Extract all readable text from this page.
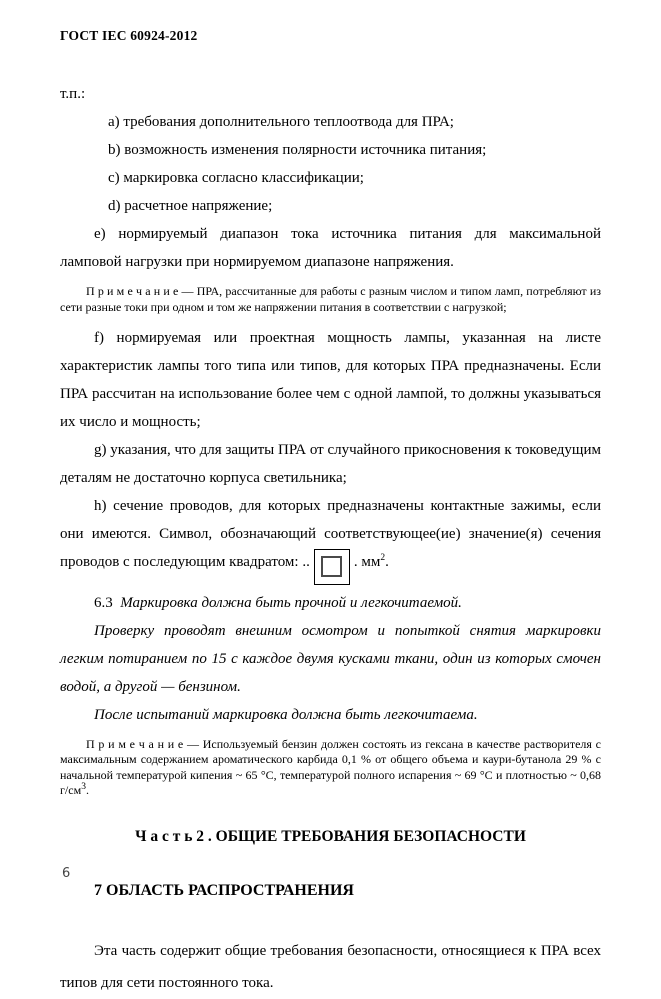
ГОСТ IEC 60924-2012

т.п.:

a) требования дополнительного теплоотвода для ПРА;

b) возможность изменения полярности источника питания;

c) маркировка согласно классификации;

d) расчетное напряжение;

e) нормируемый диапазон тока источника питания для максимальной ламповой нагрузки при нормируемом диапазоне напряжения.

П р и м е ч а н и е — ПРА, рассчитанные для работы с разным числом и типом ламп, потребляют из сети разные токи при одном и том же напряжении питания в соответствии с нагрузкой;

f) нормируемая или проектная мощность лампы, указанная на листе характеристик лампы того типа или типов, для которых ПРА предназначены. Если ПРА рассчитан на использование более чем с одной лампой, то должны указываться их число и мощность;

g) указания, что для защиты ПРА от случайного прикосновения к токоведущим деталям не достаточно корпуса светильника;

h) сечение проводов, для которых предназначены контактные зажимы, если они имеются. Символ, обозначающий соответствующее(ие) значение(я) сечения проводов с последующим квадратом: ..	. $мм^2$.

6.3 Маркировка должна быть прочной и легкочитаемой.

Проверку проводят внешним осмотром и попыткой снятия маркировки легким потиранием по 15 с каждое двумя кусками ткани, один из которых смочен водой, а другой — бензином.

После испытаний маркировка должна быть легкочитаема.

П р и м е ч а н и е — Используемый бензин должен состоять из гексана в качестве растворителя с максимальным содержанием ароматического карбида 0,1 % от общего объема и каури-бутанола 29 % с начальной температурой кипения ~ 65 °С, температурой полного испарения ~ 69 °С и плотностью ~ 0,68 $г/см^3$.

Ч а с т ь 2 . ОБЩИЕ ТРЕБОВАНИЯ БЕЗОПАСНОСТИ
7 ОБЛАСТЬ РАСПРОСТРАНЕНИЯ

Эта часть содержит общие требования безопасности, относящиеся к ПРА всех типов для сети постоянного тока.

6
